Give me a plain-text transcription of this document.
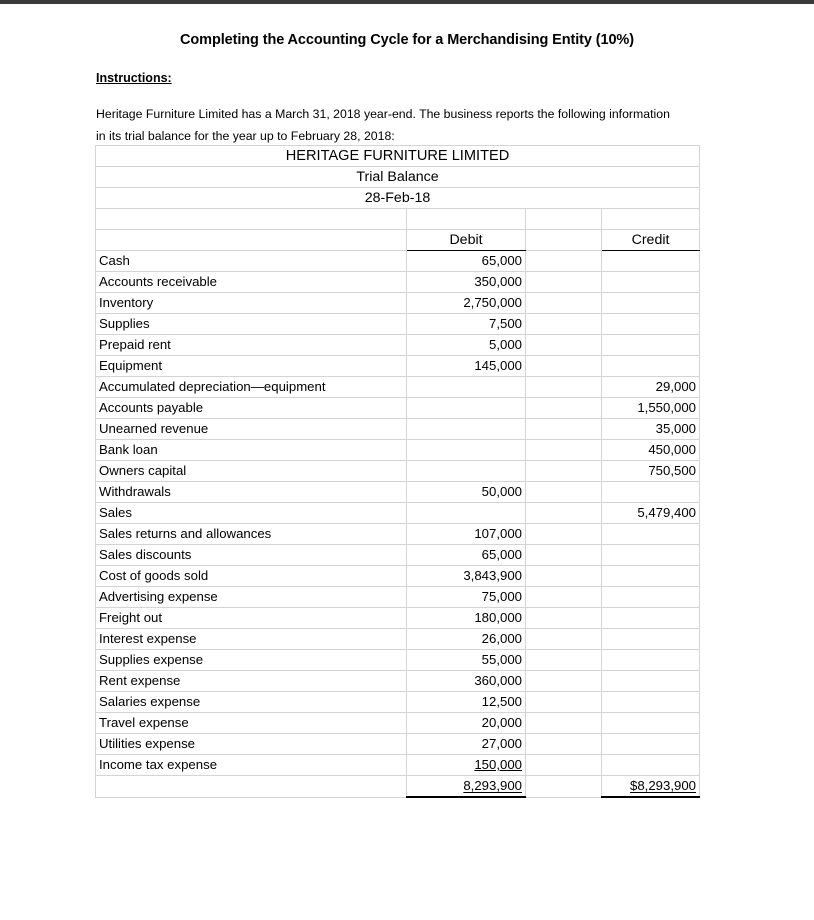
Completing the Accounting Cycle for a Merchandising Entity (10%)
Instructions:
Heritage Furniture Limited has a March 31, 2018 year-end. The business reports the following information in its trial balance for the year up to February 28, 2018:
HERITAGE FURNITURE LIMITED			
Trial Balance			
28-Feb-18			

	Debit		Credit
Cash	65,000		
Accounts receivable	350,000		
Inventory	2,750,000		
Supplies	7,500		
Prepaid rent	5,000		
Equipment	145,000		
Accumulated depreciation—equipment			29,000
Accounts payable			1,550,000
Unearned revenue			35,000
Bank loan			450,000
Owners capital			750,500
Withdrawals	50,000		
Sales			5,479,400
Sales returns and allowances	107,000		
Sales discounts	65,000		
Cost of goods sold	3,843,900		
Advertising expense	75,000		
Freight out	180,000		
Interest expense	26,000		
Supplies expense	55,000		
Rent expense	360,000		
Salaries expense	12,500		
Travel expense	20,000		
Utilities expense	27,000		
Income tax expense	150,000		
	8,293,900		$8,293,900
